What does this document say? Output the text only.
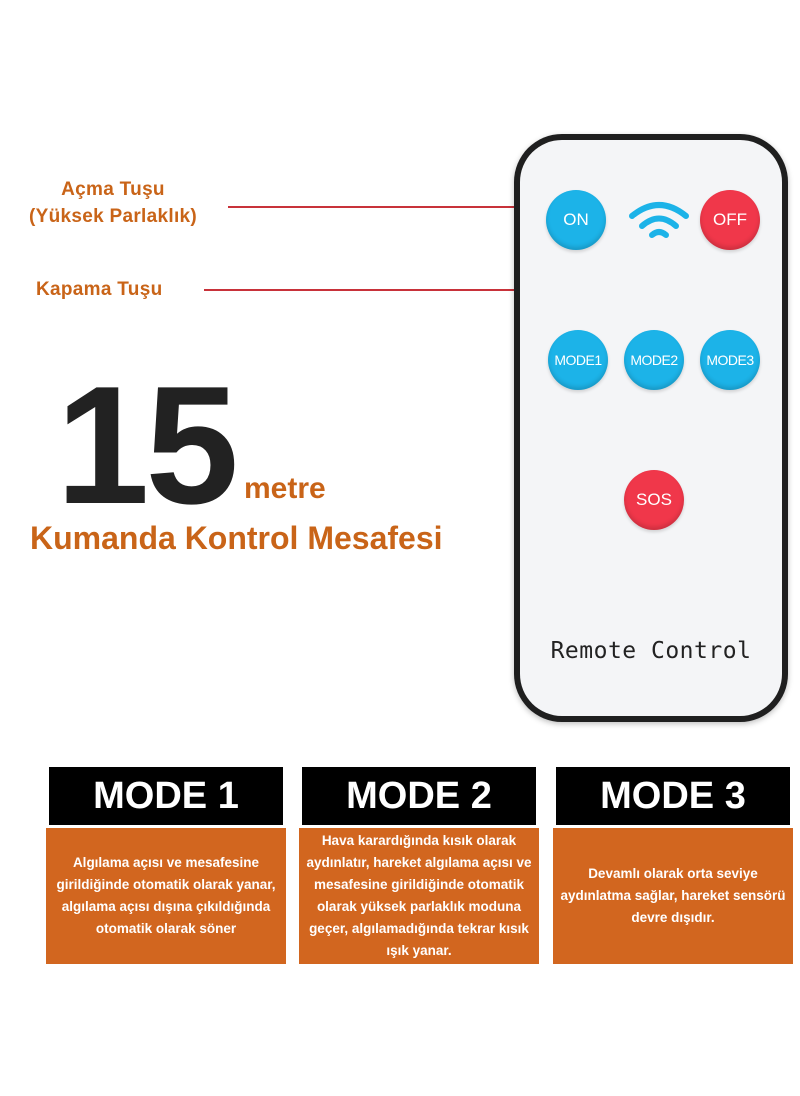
Açma Tuşu
(Yüksek Parlaklık)
Kapama Tuşu
15 metre
Kumanda Kontrol Mesafesi
ON	OFF
MODE1	MODE2	MODE3
SOS
Remote Control
MODE 1
Algılama açısı ve mesafesine girildiğinde otomatik olarak yanar, algılama açısı dışına çıkıldığında otomatik olarak söner
MODE 2
Hava karardığında kısık olarak aydınlatır, hareket algılama açısı ve mesafesine girildiğinde otomatik olarak yüksek parlaklık moduna geçer, algılamadığında tekrar kısık ışık yanar.
MODE 3
Devamlı olarak orta seviye aydınlatma sağlar, hareket sensörü devre dışıdır.
